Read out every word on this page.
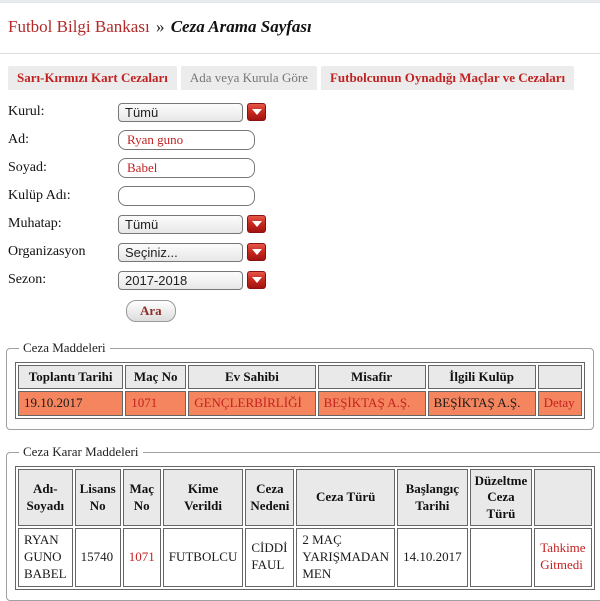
Futbol Bilgi Bankası » Ceza Arama Sayfası
Sarı-Kırmızı Kart Cezaları	Ada veya Kurula Göre	Futbolcunun Oynadığı Maçlar ve Cezaları
Kurul:	Tümü
Ad:
Ryan guno
Soyad:
Babel
Kulüp Adı:
Muhatap:	Tümü
Organizasyon	Seçiniz...
Sezon:	2017-2018
Ara
Ceza Maddeleri
Toplantı Tarihi	Maç No	Ev Sahibi	Misafir	İlgili Kulüp	
19.10.2017	1071	GENÇLERBİRLİĞİ	BEŞİKTAŞ A.Ş.	BEŞİKTAŞ A.Ş.	Detay
Ceza Karar Maddeleri
Adı-Soyadı	Lisans No	Maç No	Kime Verildi	Ceza Nedeni	Ceza Türü	Başlangıç Tarihi	Düzeltme Ceza Türü	
RYAN GUNO BABEL	15740	1071	FUTBOLCU	CİDDİ FAUL	2 MAÇ YARIŞMADAN MEN	14.10.2017		Tahkime Gitmedi
